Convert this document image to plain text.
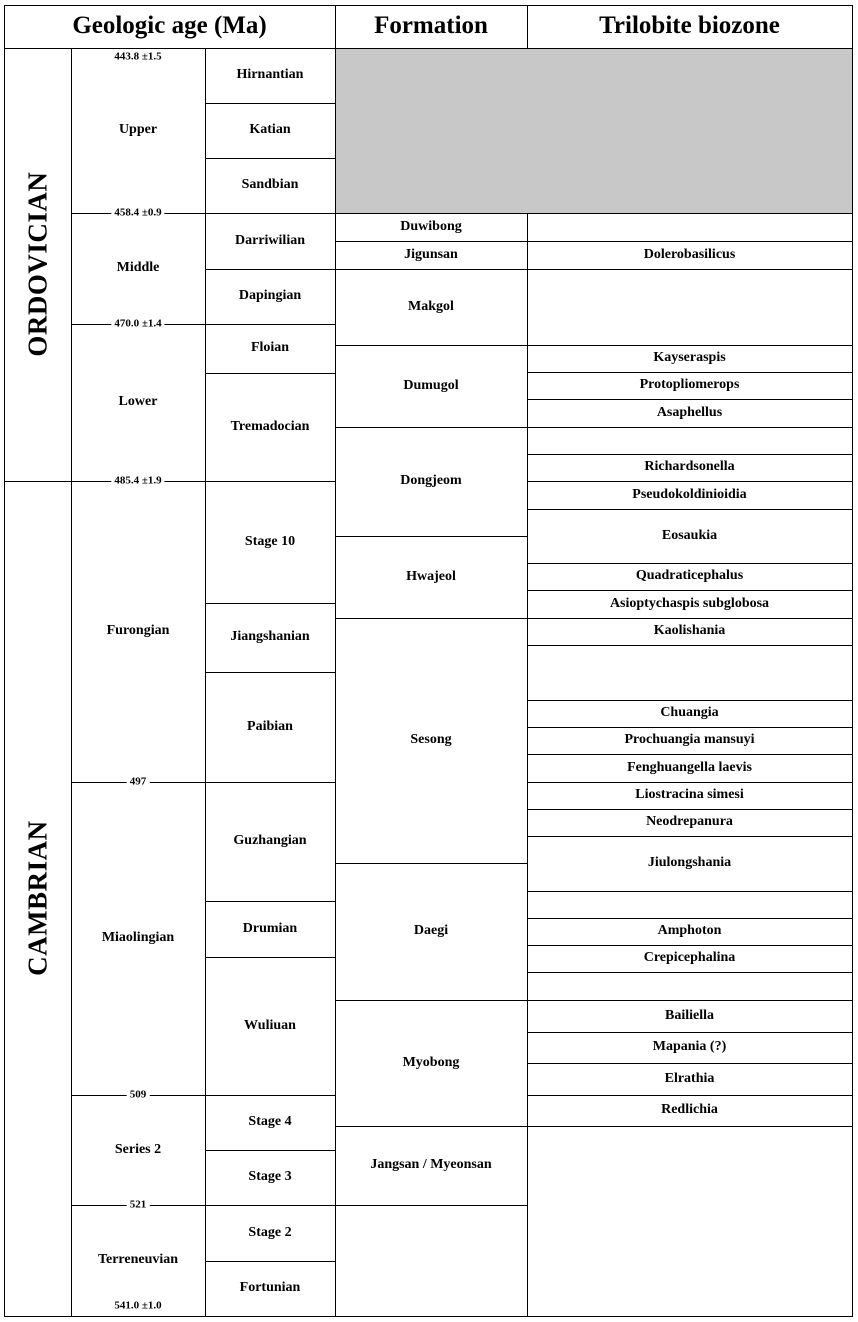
Geologic age (Ma)	Formation	Trilobite biozone
ORDOVICIAN
CAMBRIAN
Upper
Middle
Lower
Furongian
Miaolingian
Series 2
Terreneuvian
Hirnantian
Katian
Sandbian
Darriwilian
Dapingian
Floian
Tremadocian
Stage 10
Jiangshanian
Paibian
Guzhangian
Drumian
Wuliuan
Stage 4
Stage 3
Stage 2
Fortunian
Duwibong
Jigunsan
Makgol
Dumugol
Dongjeom
Hwajeol
Sesong
Daegi
Myobong
Jangsan / Myeonsan
Dolerobasilicus
Kayseraspis
Protopliomerops
Asaphellus
Richardsonella
Pseudokoldinioidia
Eosaukia
Quadraticephalus
Asioptychaspis subglobosa
Kaolishania
Chuangia
Prochuangia mansuyi
Fenghuangella laevis
Liostracina simesi
Neodrepanura
Jiulongshania
Amphoton
Crepicephalina
Bailiella
Mapania (?)
Elrathia
Redlichia
443.8 ±1.5
458.4 ±0.9
470.0 ±1.4
485.4 ±1.9
497
509
521
541.0 ±1.0
